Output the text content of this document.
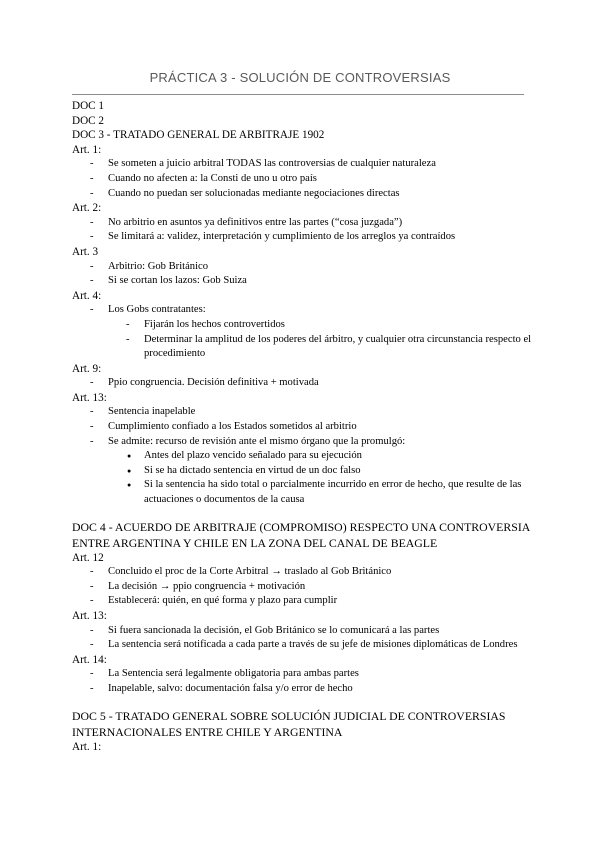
PRÁCTICA 3 - SOLUCIÓN DE CONTROVERSIAS

DOC 1

DOC 2

DOC 3 - TRATADO GENERAL DE ARBITRAJE 1902

Art. 1:

- Se someten a juicio arbitral TODAS las controversias de cualquier naturaleza
- Cuando no afecten a: la Consti de uno u otro país
- Cuando no puedan ser solucionadas mediante negociaciones directas

Art. 2:

- No arbitrio en asuntos ya definitivos entre las partes (“cosa juzgada”)
- Se limitará a: validez, interpretación y cumplimiento de los arreglos ya contraídos

Art. 3

- Arbitrio: Gob Británico
- Si se cortan los lazos: Gob Suiza

Art. 4:

- Los Gobs contratantes:
- Fijarán los hechos controvertidos
- Determinar la amplitud de los poderes del árbitro, y cualquier otra circunstancia respecto el procedimiento

Art. 9:

- Ppio congruencia. Decisión definitiva + motivada

Art. 13:

- Sentencia inapelable
- Cumplimiento confiado a los Estados sometidos al arbitrio
- Se admite: recurso de revisión ante el mismo órgano que la promulgó:
● Antes del plazo vencido señalado para su ejecución
● Si se ha dictado sentencia en virtud de un doc falso
● Si la sentencia ha sido total o parcialmente incurrido en error de hecho, que resulte de las actuaciones o documentos de la causa

DOC 4 - ACUERDO DE ARBITRAJE (COMPROMISO) RESPECTO UNA CONTROVERSIA ENTRE ARGENTINA Y CHILE EN LA ZONA DEL CANAL DE BEAGLE

Art. 12

- Concluido el proc de la Corte Arbitral → traslado al Gob Británico
- La decisión → ppio congruencia + motivación
- Establecerá: quién, en qué forma y plazo para cumplir

Art. 13:

- Si fuera sancionada la decisión, el Gob Británico se lo comunicará a las partes
- La sentencia será notificada a cada parte a través de su jefe de misiones diplomáticas de Londres

Art. 14:

- La Sentencia será legalmente obligatoria para ambas partes
- Inapelable, salvo: documentación falsa y/o error de hecho

DOC 5 - TRATADO GENERAL SOBRE SOLUCIÓN JUDICIAL DE CONTROVERSIAS INTERNACIONALES ENTRE CHILE Y ARGENTINA

Art. 1:
